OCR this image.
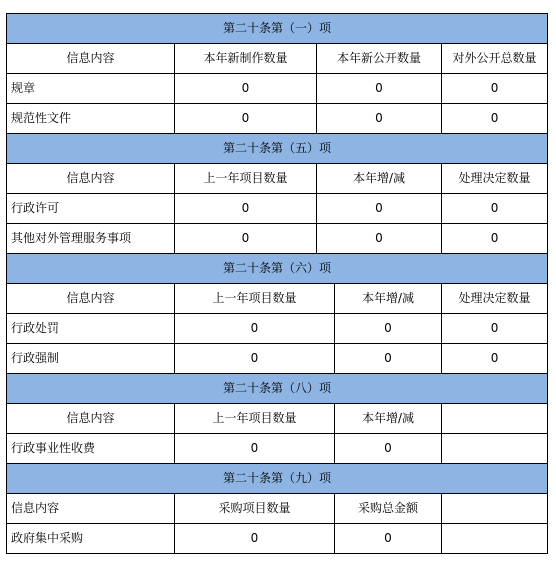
第二十条第（一）项			
信息内容	本年新制作数量	本年新公开数量	对外公开总数量
规章	0	0	0
规范性文件	0	0	0
第二十条第（五）项			
信息内容	上一年项目数量	本年增/减	处理决定数量
行政许可	0	0	0
其他对外管理服务事项	0	0	0
第二十条第（六）项			
信息内容	上一年项目数量	本年增/减	处理决定数量
行政处罚	0	0	0
行政强制	0	0	0
第二十条第（八）项			
信息内容	上一年项目数量	本年增/减	
行政事业性收费	0	0	
第二十条第（九）项			
信息内容	采购项目数量	采购总金额	
政府集中采购	0	0	
